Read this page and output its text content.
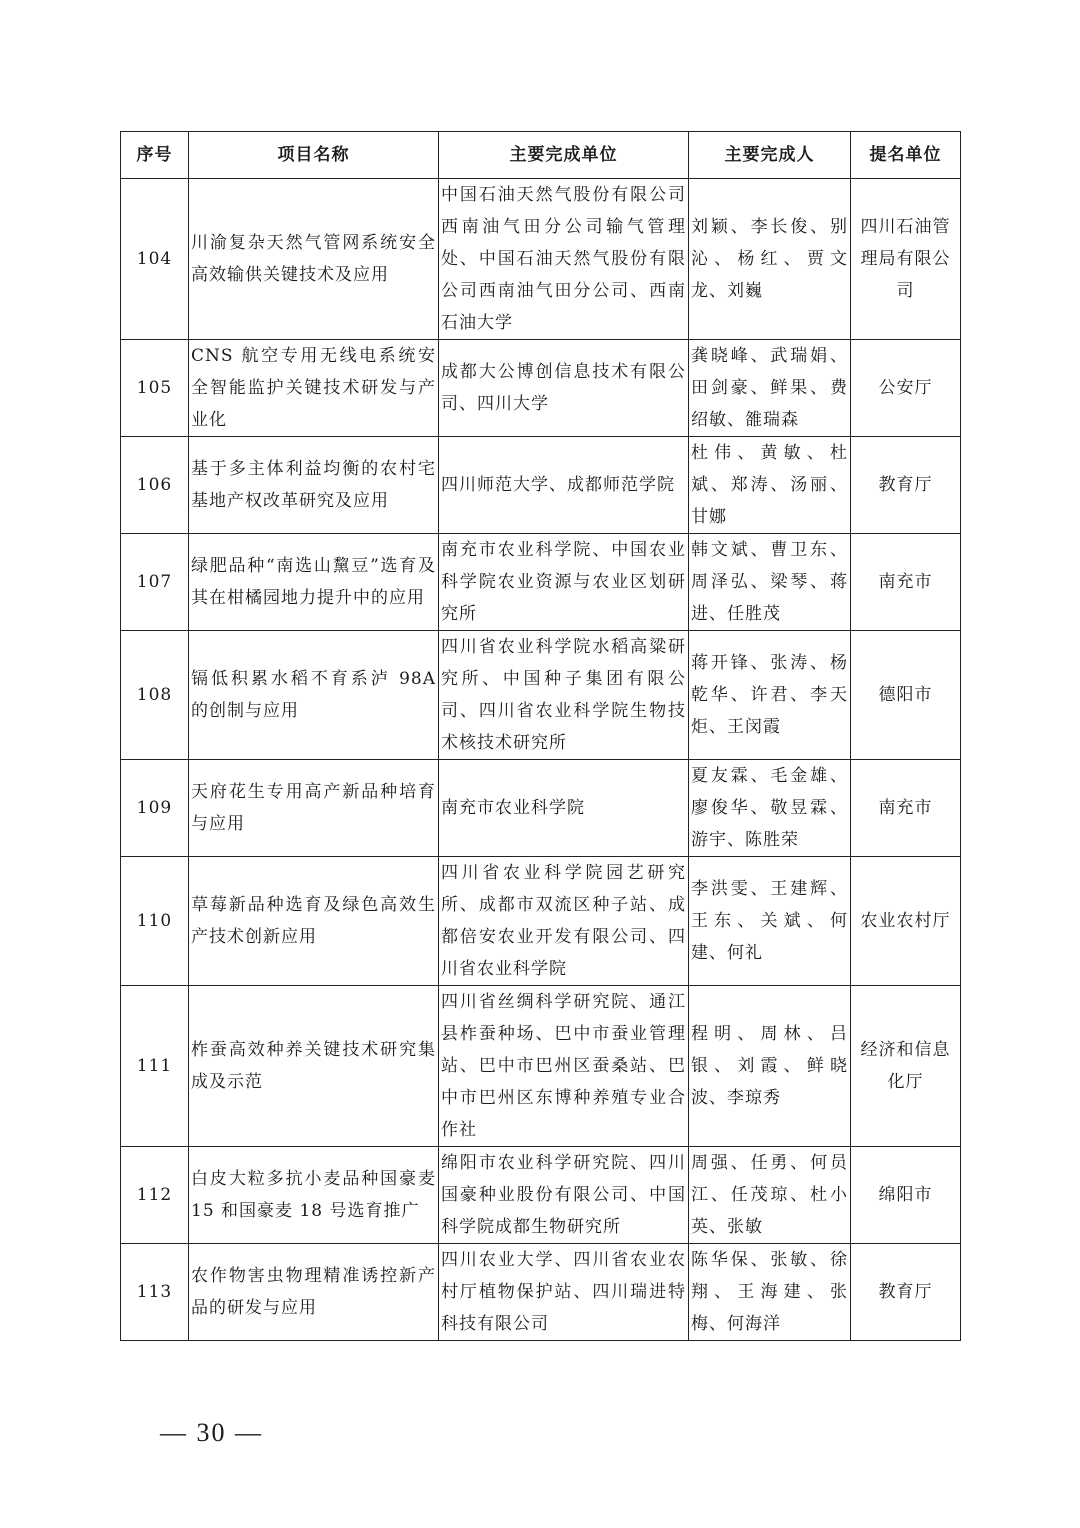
序号	项目名称	主要完成单位	主要完成人	提名单位
104	川渝复杂天然气管网系统安全高效输供关键技术及应用	中国石油天然气股份有限公司西南油气田分公司输气管理处、中国石油天然气股份有限公司西南油气田分公司、西南石油大学	刘颖、李长俊、别沁、杨红、贾文龙、刘巍	四川石油管理局有限公司
105	CNS 航空专用无线电系统安全智能监护关键技术研发与产业化	成都大公博创信息技术有限公司、四川大学	龚晓峰、武瑞娟、田剑豪、鲜果、费绍敏、雒瑞森	公安厅
106	基于多主体利益均衡的农村宅基地产权改革研究及应用	四川师范大学、成都师范学院	杜伟、黄敏、杜斌、郑涛、汤丽、甘娜	教育厅
107	绿肥品种“南选山黧豆”选育及其在柑橘园地力提升中的应用	南充市农业科学院、中国农业科学院农业资源与农业区划研究所	韩文斌、曹卫东、周泽弘、梁琴、蒋进、任胜茂	南充市
108	镉低积累水稻不育系泸 98A 的创制与应用	四川省农业科学院水稻高粱研究所、中国种子集团有限公司、四川省农业科学院生物技术核技术研究所	蒋开锋、张涛、杨乾华、许君、李天炬、王闵霞	德阳市
109	天府花生专用高产新品种培育与应用	南充市农业科学院	夏友霖、毛金雄、廖俊华、敬昱霖、游宇、陈胜荣	南充市
110	草莓新品种选育及绿色高效生产技术创新应用	四川省农业科学院园艺研究所、成都市双流区种子站、成都倍安农业开发有限公司、四川省农业科学院	李洪雯、王建辉、王东、关斌、何建、何礼	农业农村厅
111	柞蚕高效种养关键技术研究集成及示范	四川省丝绸科学研究院、通江县柞蚕种场、巴中市蚕业管理站、巴中市巴州区蚕桑站、巴中市巴州区东博种养殖专业合作社	程明、周林、吕银、刘霞、鲜晓波、李琼秀	经济和信息化厅
112	白皮大粒多抗小麦品种国豪麦 15 和国豪麦 18 号选育推广	绵阳市农业科学研究院、四川国豪种业股份有限公司、中国科学院成都生物研究所	周强、任勇、何员江、任茂琼、杜小英、张敏	绵阳市
113	农作物害虫物理精准诱控新产品的研发与应用	四川农业大学、四川省农业农村厅植物保护站、四川瑞进特科技有限公司	陈华保、张敏、徐翔、王海建、张梅、何海洋	教育厅
— 30 —
